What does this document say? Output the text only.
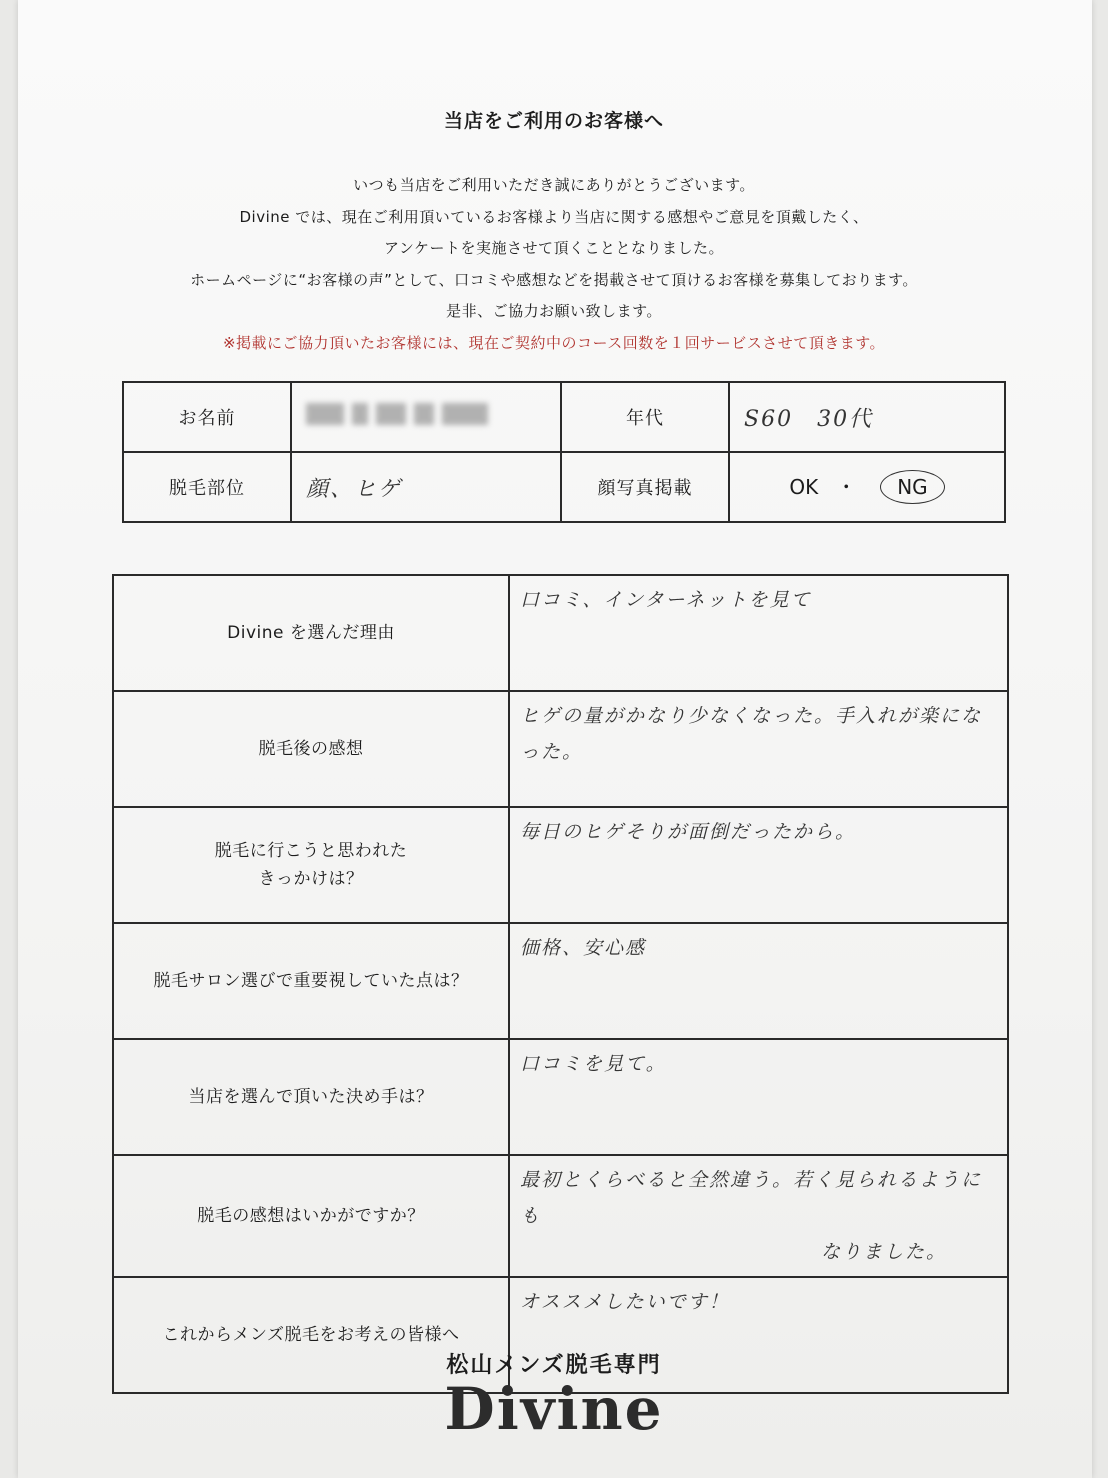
当店をご利用のお客様へ
いつも当店をご利用いただき誠にありがとうございます。
Divine では、現在ご利用頂いているお客様より当店に関する感想やご意見を頂戴したく、
アンケートを実施させて頂くこととなりました。
ホームページに“お客様の声”として、口コミや感想などを掲載させて頂けるお客様を募集しております。
是非、ご協力お願い致します。
※掲載にご協力頂いたお客様には、現在ご契約中のコース回数を１回サービスさせて頂きます。
お名前		年代	S60　30代
脱毛部位	顔、ヒゲ	顔写真掲載	OK ・ NG
Divine を選んだ理由	口コミ、インターネットを見て

脱毛後の感想	ヒゲの量がかなり少なくなった。手入れが楽になった。

脱毛に行こうと思われた
きっかけは？	毎日のヒゲそりが面倒だったから。

脱毛サロン選びで重要視していた点は？	価格、安心感

当店を選んで頂いた決め手は？	口コミを見て。

脱毛の感想はいかがですか？	最初とくらべると全然違う。若く見られるようにも
なりました。

これからメンズ脱毛をお考えの皆様へ	オススメしたいです！
松山メンズ脱毛専門
Divine
